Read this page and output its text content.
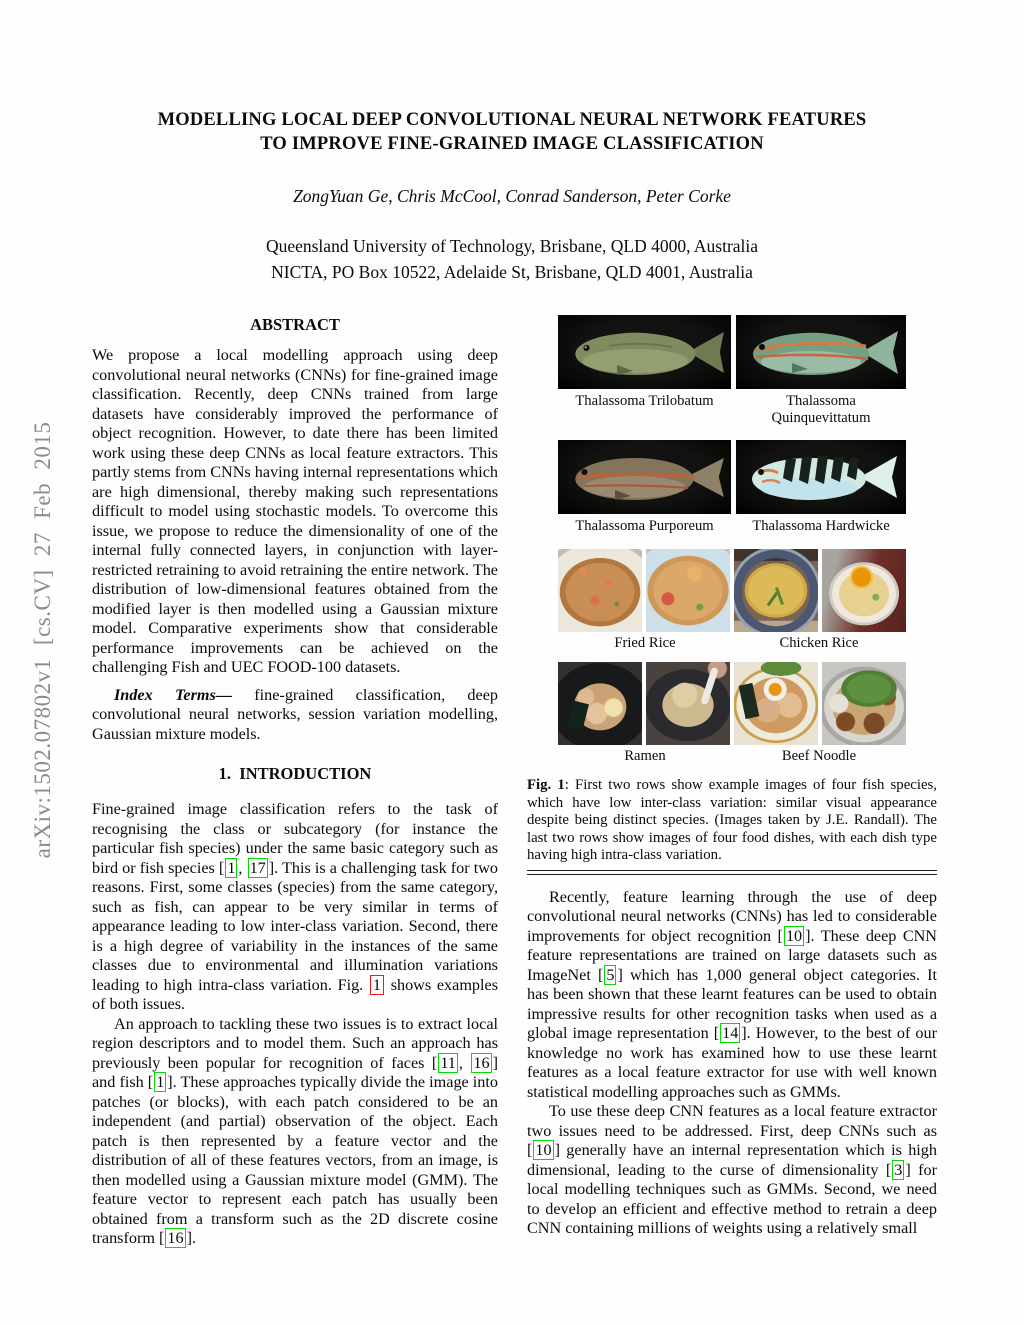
arXiv:1502.07802v1 [cs.CV] 27 Feb 2015
MODELLING LOCAL DEEP CONVOLUTIONAL NEURAL NETWORK FEATURES
TO IMPROVE FINE-GRAINED IMAGE CLASSIFICATION
ZongYuan Ge, Chris McCool, Conrad Sanderson, Peter Corke
Queensland University of Technology, Brisbane, QLD 4000, Australia
NICTA, PO Box 10522, Adelaide St, Brisbane, QLD 4001, Australia
ABSTRACT

We propose a local modelling approach using deep convolutional neural networks (CNNs) for fine-grained image classification. Recently, deep CNNs trained from large datasets have considerably improved the performance of object recognition. However, to date there has been limited work using these deep CNNs as local feature extractors. This partly stems from CNNs having internal representations which are high dimensional, thereby making such representations difficult to model using stochastic models. To overcome this issue, we propose to reduce the dimensionality of one of the internal fully connected layers, in conjunction with layer-restricted retraining to avoid retraining the entire network. The distribution of low-dimensional features obtained from the modified layer is then modelled using a Gaussian mixture model. Comparative experiments show that considerable performance improvements can be achieved on the challenging Fish and UEC FOOD-100 datasets.

Index Terms— fine-grained classification, deep convolutional neural networks, session variation modelling, Gaussian mixture models.

1.  INTRODUCTION

Fine-grained image classification refers to the task of recognising the class or subcategory (for instance the particular fish species) under the same basic category such as bird or fish species [ 1 , 17 ]. This is a challenging task for two reasons. First, some classes (species) from the same category, such as fish, can appear to be very similar in terms of appearance leading to low inter-class variation. Second, there is a high degree of variability in the instances of the same classes due to environmental and illumination variations leading to high intra-class variation. Fig. 1 shows examples of both issues.

An approach to tackling these two issues is to extract local region descriptors and to model them. Such an approach has previously been popular for recognition of faces [ 11 , 16 ] and fish [ 1 ]. These approaches typically divide the image into patches (or blocks), with each patch considered to be an independent (and partial) observation of the object. Each patch is then represented by a feature vector and the distribution of all of these features vectors, from an image, is then modelled using a Gaussian mixture model (GMM). The feature vector to represent each patch has usually been obtained from a transform such as the 2D discrete cosine transform [ 16 ].

Thalassoma Trilobatum	Thalassoma Quinquevittatum
Thalassoma Purporeum	Thalassoma Hardwicke
Fried Rice	Chicken Rice
Ramen	Beef Noodle
Fig. 1: First two rows show example images of four fish species, which have low inter-class variation: similar visual appearance despite being distinct species. (Images taken by J.E. Randall). The last two rows show images of four food dishes, with each dish type having high intra-class variation.

Recently, feature learning through the use of deep convolutional neural networks (CNNs) has led to considerable improvements for object recognition [ 10 ]. These deep CNN feature representations are trained on large datasets such as ImageNet [ 5 ] which has 1,000 general object categories. It has been shown that these learnt features can be used to obtain impressive results for other recognition tasks when used as a global image representation [ 14 ]. However, to the best of our knowledge no work has examined how to use these learnt features as a local feature extractor for use with well known statistical modelling approaches such as GMMs.

To use these deep CNN features as a local feature extractor two issues need to be addressed. First, deep CNNs such as [ 10 ] generally have an internal representation which is high dimensional, leading to the curse of dimensionality [ 3 ] for local modelling techniques such as GMMs. Second, we need to develop an efficient and effective method to retrain a deep CNN containing millions of weights using a relatively small
